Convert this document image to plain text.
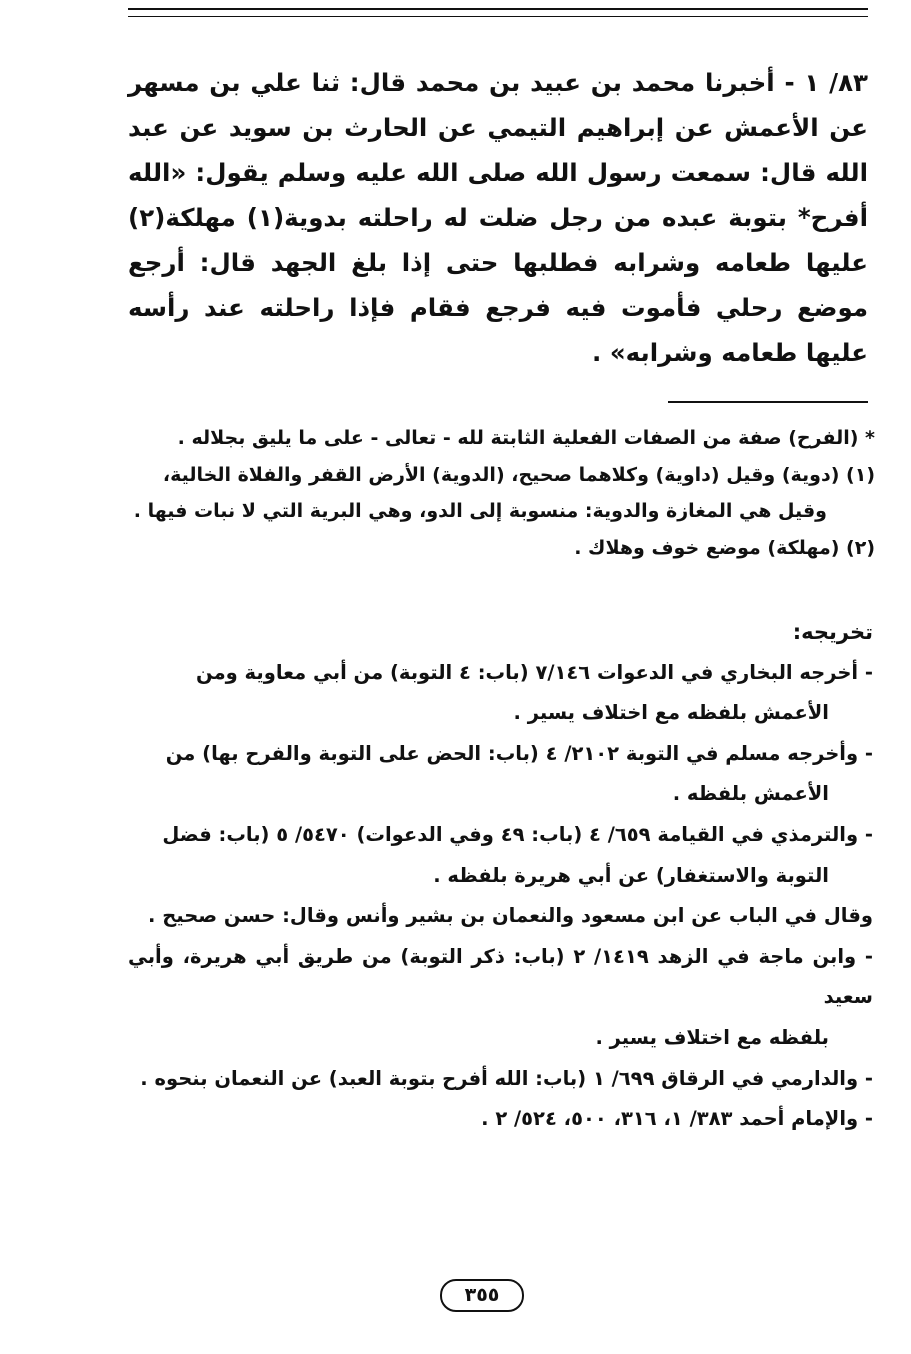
٨٣/ ١ - أخبرنا محمد بن عبيد بن محمد قال: ثنا علي بن مسهر عن الأعمش عن إبراهيم التيمي عن الحارث بن سويد عن عبد الله قال: سمعت رسول الله صلى الله عليه وسلم يقول: «الله أفرح* بتوبة عبده من رجل ضلت له راحلته بدوية(١) مهلكة(٢) عليها طعامه وشرابه فطلبها حتى إذا بلغ الجهد قال: أرجع موضع رحلي فأموت فيه فرجع فقام فإذا راحلته عند رأسه عليها طعامه وشرابه» .

* (الفرح) صفة من الصفات الفعلية الثابتة لله - تعالى - على ما يليق بجلاله .

(١) (دوية) وقيل (داوية) وكلاهما صحيح، (الدوية) الأرض القفر والفلاة الخالية،

وقيل هي المغازة والدوية: منسوبة إلى الدو، وهي البرية التي لا نبات فيها .

(٢) (مهلكة) موضع خوف وهلاك .

تخريجه:

- أخرجه البخاري في الدعوات ٧/١٤٦ (باب: ٤ التوبة) من أبي معاوية ومن

الأعمش بلفظه مع اختلاف يسير .

- وأخرجه مسلم في التوبة ٢١٠٢/ ٤ (باب: الحض على التوبة والفرح بها) من

الأعمش بلفظه .

- والترمذي في القيامة ٦٥٩/ ٤ (باب: ٤٩ وفي الدعوات) ٥٤٧٠/ ٥ (باب: فضل

التوبة والاستغفار) عن أبي هريرة بلفظه .

وقال في الباب عن ابن مسعود والنعمان بن بشير وأنس وقال: حسن صحيح .

- وابن ماجة في الزهد ١٤١٩/ ٢ (باب: ذكر التوبة) من طريق أبي هريرة، وأبي سعيد

بلفظه مع اختلاف يسير .

- والدارمي في الرقاق ٦٩٩/ ١ (باب: الله أفرح بتوبة العبد) عن النعمان بنحوه .

- والإمام أحمد ٣٨٣/ ١، ٣١٦، ٥٠٠، ٥٢٤/ ٢ .

٣٥٥
